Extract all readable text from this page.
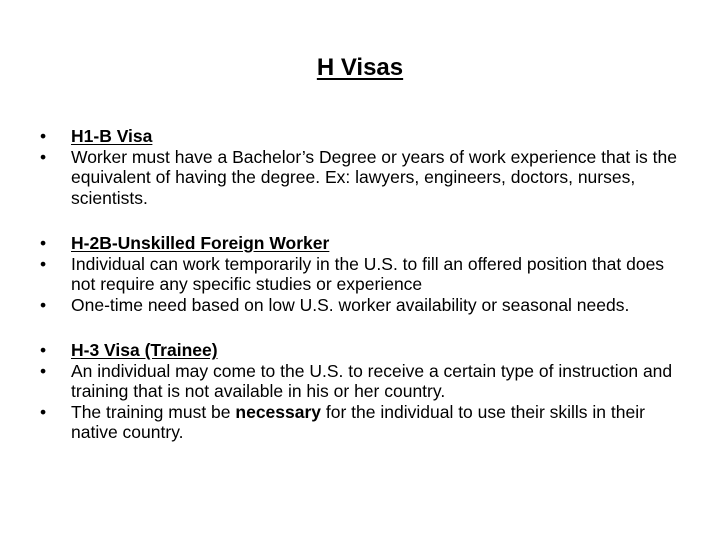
H Visas
• H1-B Visa
• Worker must have a Bachelor’s Degree or years of work experience that is the equivalent of having the degree. Ex: lawyers, engineers, doctors, nurses, scientists.
• H-2B-Unskilled Foreign Worker
• Individual can work temporarily in the U.S. to fill an offered position that does not require any specific studies or experience
• One-time need based on low U.S. worker availability or seasonal needs.
• H-3 Visa (Trainee)
• An individual may come to the U.S. to receive a certain type of instruction and training that is not available in his or her country.
• The training must be necessary for the individual to use their skills in their native country.
